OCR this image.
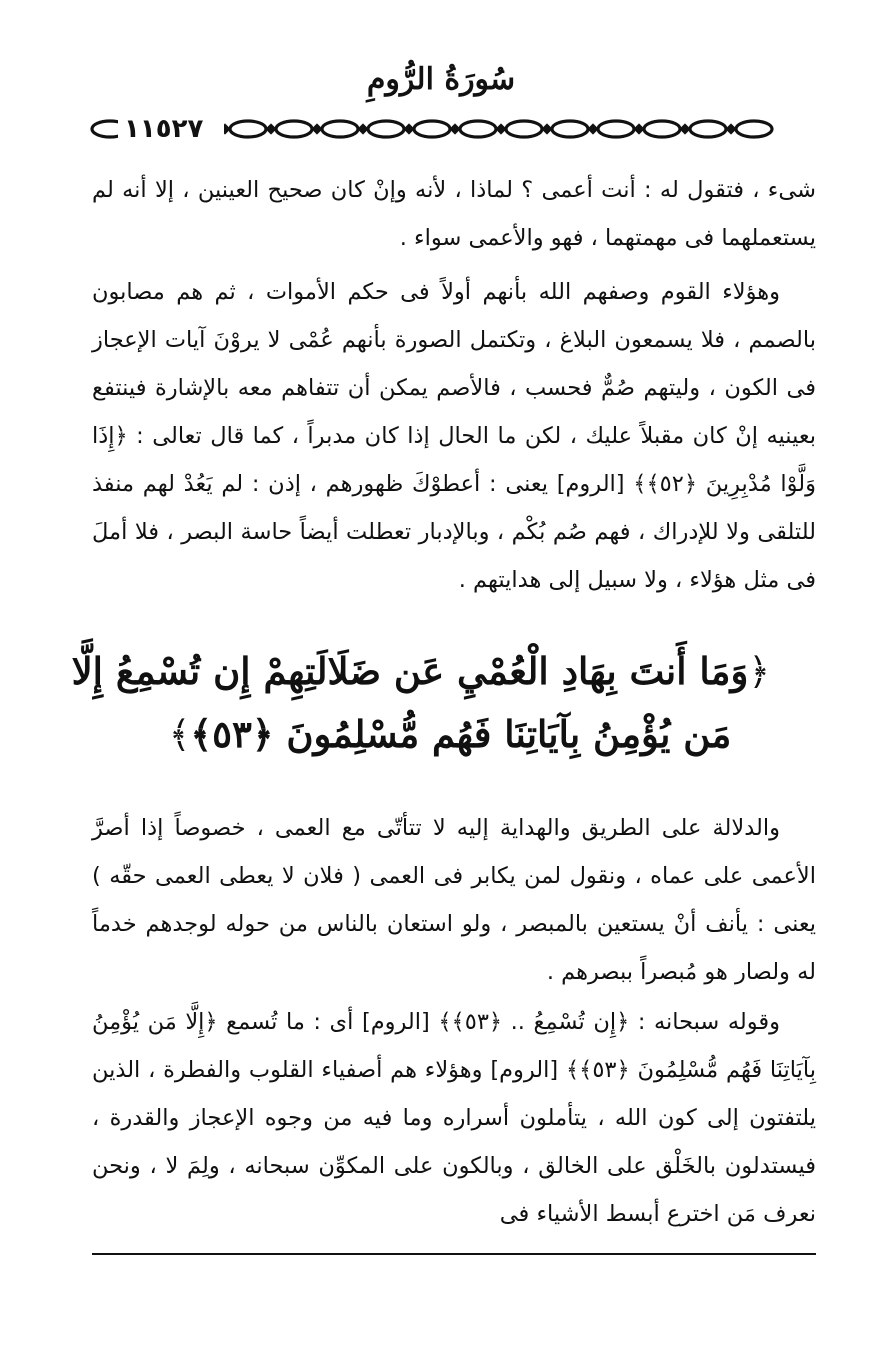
سُورَةُ الرُّومِ
١١٥٢٧
شىء ، فتقول له : أنت أعمى ؟ لماذا ، لأنه وإنْ كان صحيح العينين ، إلا أنه لم يستعملهما فى مهمتهما ، فهو والأعمى سواء .
وهؤلاء القوم وصفهم الله بأنهم أولاً فى حكم الأموات ، ثم هم مصابون بالصمم ، فلا يسمعون البلاغ ، وتكتمل الصورة بأنهم عُمْى لا يروْنَ آيات الإعجاز فى الكون ، وليتهم صُمٌّ فحسب ، فالأصم يمكن أن تتفاهم معه بالإشارة فينتفع بعينيه إنْ كان مقبلاً عليك ، لكن ما الحال إذا كان مدبراً ، كما قال تعالى : ﴿إِذَا وَلَّوْا مُدْبِرِينَ ﴿٥٢﴾﴾ [الروم] يعنى : أعطوْكَ ظهورهم ، إذن : لم يَعُدْ لهم منفذ للتلقى ولا للإدراك ، فهم صُم بُكْم ، وبالإدبار تعطلت أيضاً حاسة البصر ، فلا أملَ فى مثل هؤلاء ، ولا سبيل إلى هدايتهم .
﴿وَمَا أَنتَ بِهَادِ الْعُمْيِ عَن ضَلَالَتِهِمْ إِن تُسْمِعُ إِلَّا
مَن يُؤْمِنُ بِآيَاتِنَا فَهُم مُّسْلِمُونَ ﴿٥٣﴾﴾
والدلالة على الطريق والهداية إليه لا تتأتّى مع العمى ، خصوصاً إذا أصرَّ الأعمى على عماه ، ونقول لمن يكابر فى العمى ( فلان لا يعطى العمى حقّه ) يعنى : يأنف أنْ يستعين بالمبصر ، ولو استعان بالناس من حوله لوجدهم خدماً له ولصار هو مُبصراً ببصرهم .
وقوله سبحانه : ﴿إِن تُسْمِعُ .. ﴿٥٣﴾﴾ [الروم] أى : ما تُسمع ﴿إِلَّا مَن يُؤْمِنُ بِآيَاتِنَا فَهُم مُّسْلِمُونَ ﴿٥٣﴾﴾ [الروم] وهؤلاء هم أصفياء القلوب والفطرة ، الذين يلتفتون إلى كون الله ، يتأملون أسراره وما فيه من وجوه الإعجاز والقدرة ، فيستدلون بالخَلْق على الخالق ، وبالكون على المكوِّن سبحانه ، ولِمَ لا ، ونحن نعرف مَن اخترع أبسط الأشياء فى
